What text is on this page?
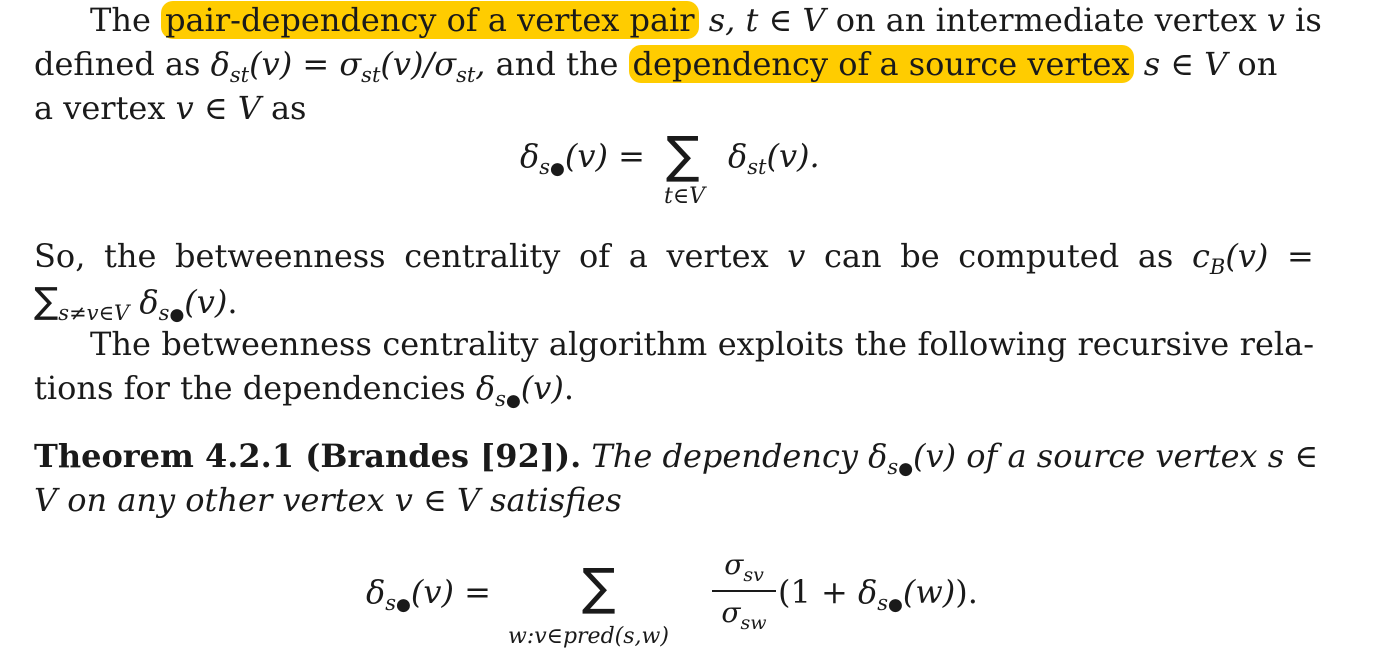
The pair-dependency of a vertex pair s, t ∈ V on an intermediate vertex v is
defined as $\delta_{st}(v) = \sigma_{st}(v)/\sigma_{st}$, and the dependency of a source vertex s ∈ V on
a vertex v ∈ V as
$\delta_{s●}(v)$ = ∑ $\delta_{st}(v)$.
t∈V
So, the betweenness centrality of a vertex v can be computed as $c_B(v)$ =
$\sum_{s\ne v\in V}$ $\delta_{s●}(v)$.
The betweenness centrality algorithm exploits the following recursive rela-
tions for the dependencies $\delta_{s●}(v)$.
Theorem 4.2.1 (Brandes [92]). The dependency $\delta_{s●}(v)$ of a source vertex s ∈
V on any other vertex v ∈ V satisfies
$\delta_{s●}(v)$ = ∑
w:v∈pred(s,w)
$\sigma_{sv}$
$\sigma_{sw}$
$(1 + \delta_{s●}(w))$.
